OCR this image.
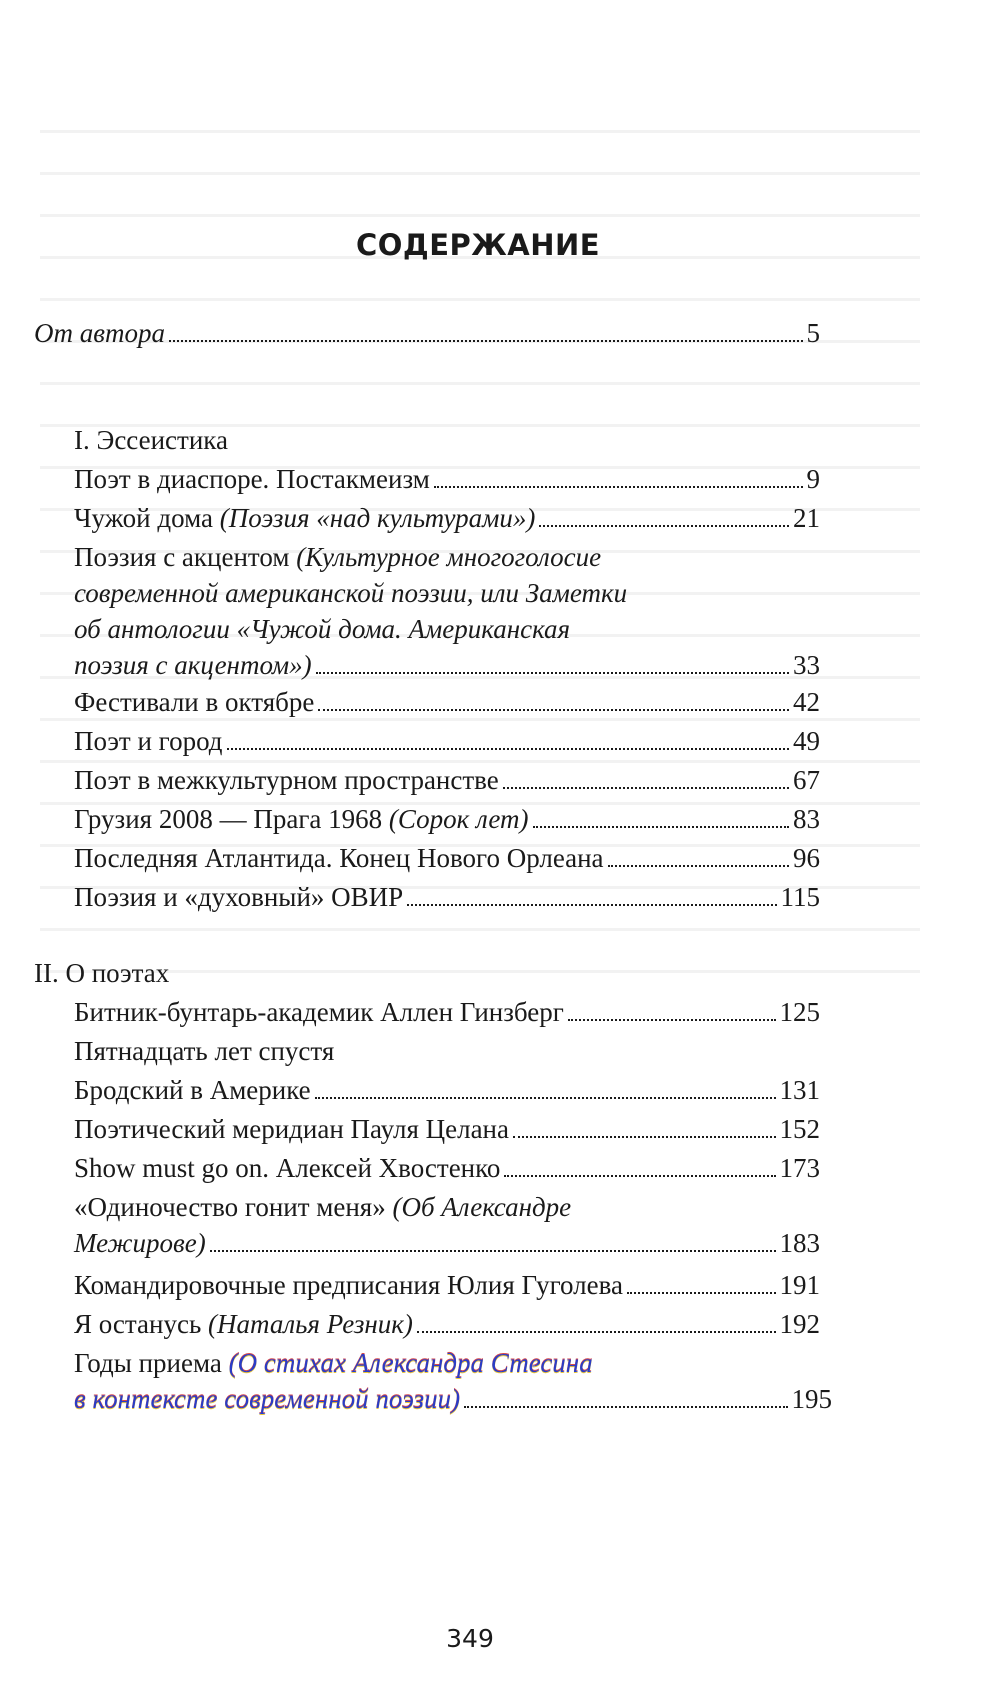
СОДЕРЖАНИЕ
От автора	5
I. Эссеистика
Поэт в диаспоре. Постакмеизм	9
Чужой дома (Поэзия «над культурами»)	21
Поэзия с акцентом (Культурное многоголосие
современной американской поэзии, или Заметки
об антологии «Чужой дома. Американская
поэзия с акцентом»)	33
Фестивали в октябре	42
Поэт и город	49
Поэт в межкультурном пространстве	67
Грузия 2008 — Прага 1968 (Сорок лет)	83
Последняя Атлантида. Конец Нового Орлеана	96
Поэзия и «духовный» ОВИР	115
II. О поэтах
Битник-бунтарь-академик Аллен Гинзберг	125
Пятнадцать лет спустя
Бродский в Америке	131
Поэтический меридиан Пауля Целана	152
Show must go on. Алексей Хвостенко	173
«Одиночество гонит меня» (Об Александре
Межирове)	183
Командировочные предписания Юлия Гуголева	191
Я останусь (Наталья Резник)	192
Годы приема (О стихах Александра Стесина
в контексте современной поэзии)	195
349
